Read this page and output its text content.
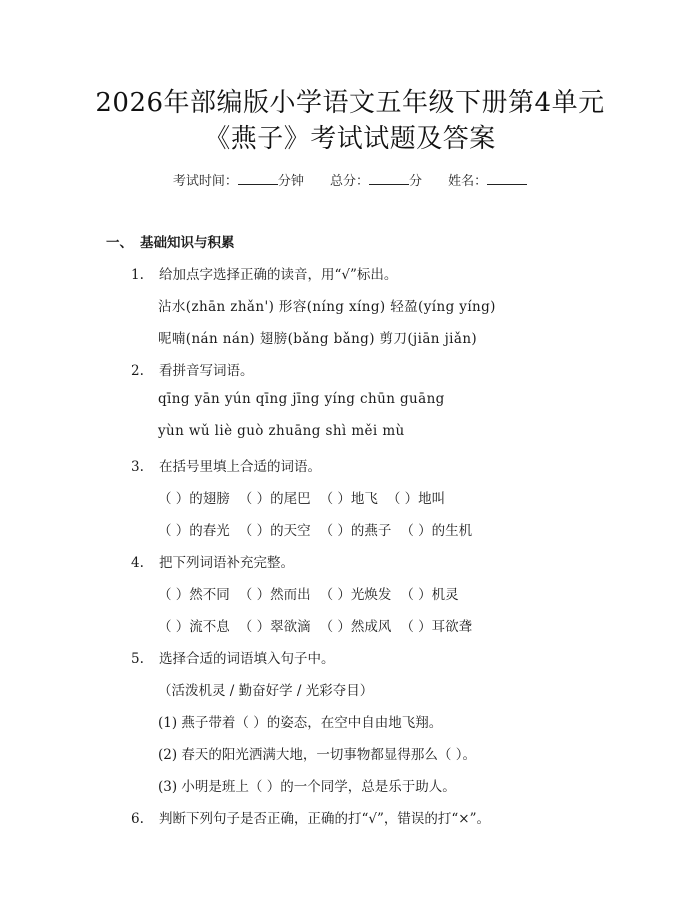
2026年部编版小学语文五年级下册第4单元
《燕子》考试试题及答案
考试时间：	分钟 总分：	分 姓名：
一、 基础知识与积累
1. 给加点字选择正确的读音，用“√”标出。
沾水(zhān zhǎn') 形容(níng xíng) 轻盈(yíng yíng)
呢喃(nán nán) 翅膀(bǎng bǎng) 剪刀(jiān jiǎn)
2. 看拼音写词语。
qīng yān yún qīng jīng yíng chūn guāng
yùn wǔ liè guò zhuāng shì měi mù
3. 在括号里填上合适的词语。
（ ）的翅膀 （ ）的尾巴 （ ）地飞 （ ）地叫
（ ）的春光 （ ）的天空 （ ）的燕子 （ ）的生机
4. 把下列词语补充完整。
（ ）然不同 （ ）然而出 （ ）光焕发 （ ）机灵
（ ）流不息 （ ）翠欲滴 （ ）然成风 （ ）耳欲聋
5. 选择合适的词语填入句子中。
（活泼机灵 / 勤奋好学 / 光彩夺目）
(1) 燕子带着（ ）的姿态，在空中自由地飞翔。
(2) 春天的阳光洒满大地，一切事物都显得那么（ ）。
(3) 小明是班上（ ）的一个同学，总是乐于助人。
6. 判断下列句子是否正确，正确的打“√”，错误的打“×”。
